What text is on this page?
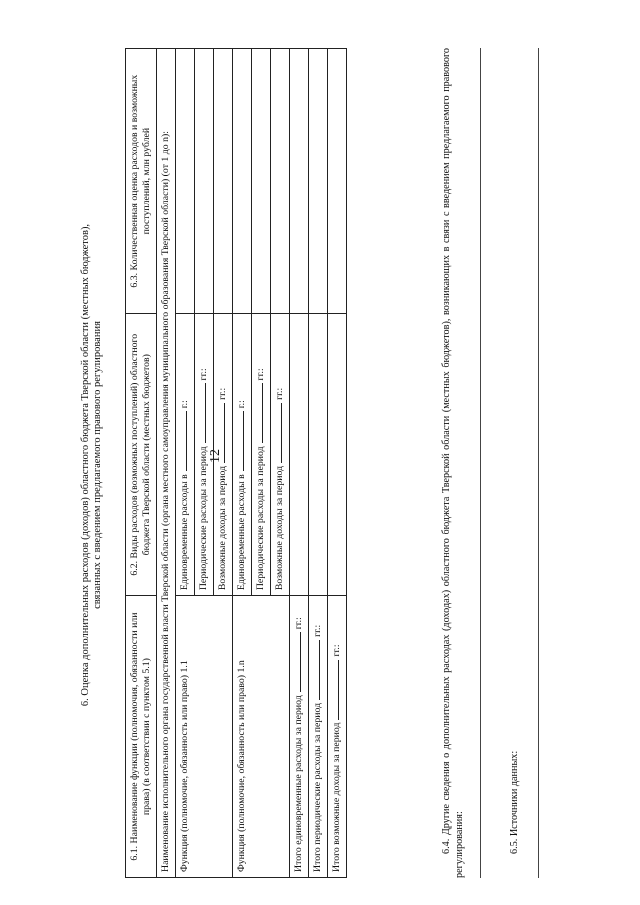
12
6. Оценка дополнительных расходов (доходов) областного бюджета Тверской области (местных бюджетов), связанных с введением предлагаемого правового регулирования
6.1. Наименование функции (полномочия, обязанности или права) (в соответствии с пунктом 5.1)	6.2. Виды расходов (возможных поступлений) областного бюджета Тверской области (местных бюджетов)	6.3. Количественная оценка расходов и возможных поступлений, млн рублей
Наименование исполнительного органа государственной власти Тверской области (органа местного самоуправления муниципального образования Тверской области) (от 1 до n):		
Функция (полномочие, обязанность или право) 1.1	Единовременные расходы вг.:	
	Периодические расходы за периодгг.:	
	Возможные доходы за периодгг.:	
Функция (полномочие, обязанность или право) 1.n	Единовременные расходы вг.:	
	Периодические расходы за периодгг.:	
	Возможные доходы за периодгг.:	
Итого единовременные расходы за периодгг.:		
Итого периодические расходы за периодгг.:		
Итого возможные доходы за периодгг.:			6.4. Другие сведения о дополнительных расходах (доходах) областного бюджета Тверской области (местных бюджетов), возникающих в связи с введением предлагаемого правового регулирования:	6.5. Источники данных:
